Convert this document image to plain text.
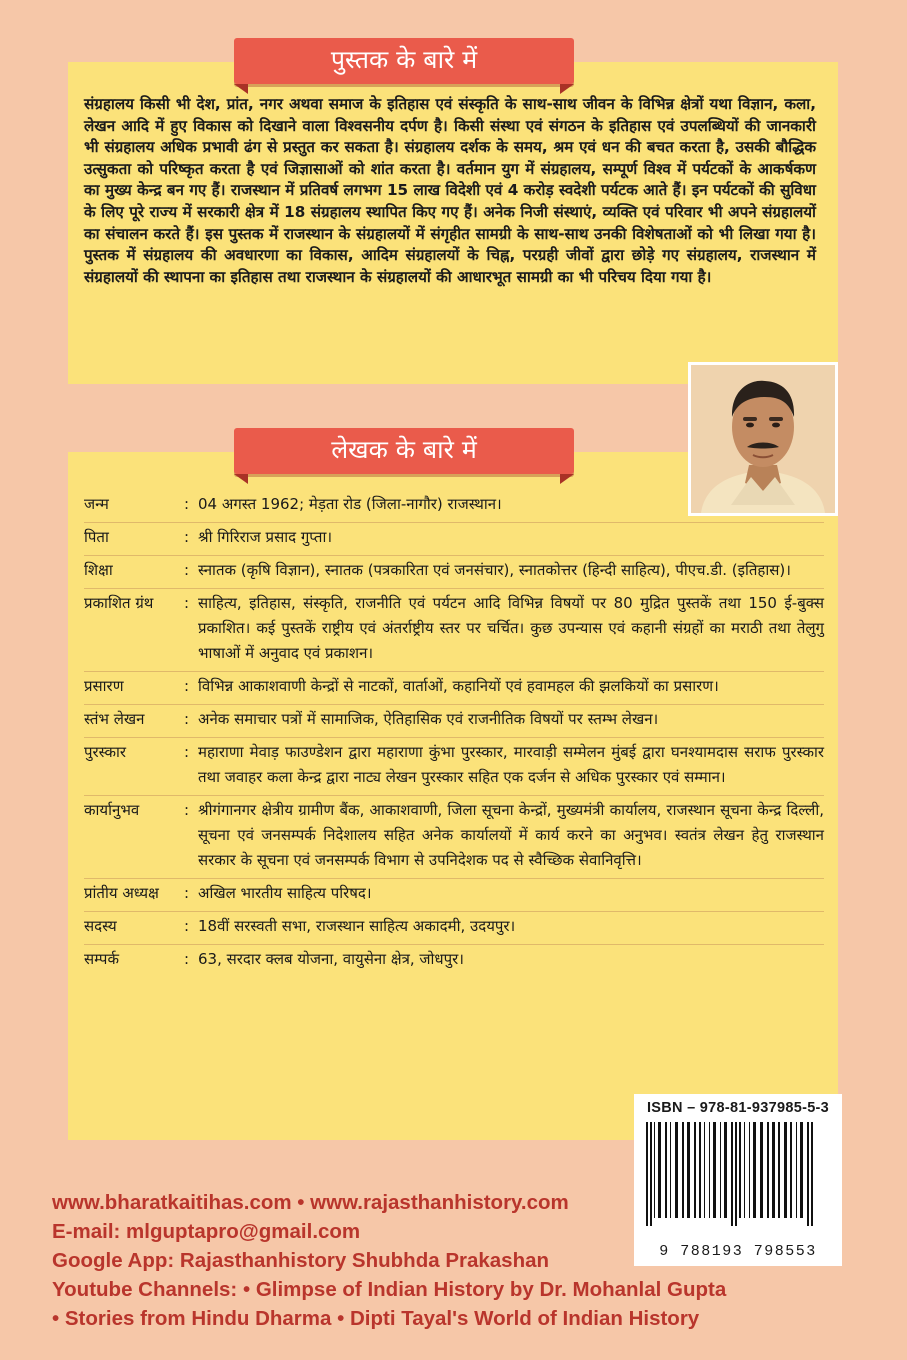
पुस्तक के बारे में
संग्रहालय किसी भी देश, प्रांत, नगर अथवा समाज के इतिहास एवं संस्कृति के साथ-साथ जीवन के विभिन्न क्षेत्रों यथा विज्ञान, कला, लेखन आदि में हुए विकास को दिखाने वाला विश्वसनीय दर्पण है। किसी संस्था एवं संगठन के इतिहास एवं उपलब्धियों की जानकारी भी संग्रहालय अधिक प्रभावी ढंग से प्रस्तुत कर सकता है। संग्रहालय दर्शक के समय, श्रम एवं धन की बचत करता है, उसकी बौद्धिक उत्सुकता को परिष्कृत करता है एवं जिज्ञासाओं को शांत करता है। वर्तमान युग में संग्रहालय, सम्पूर्ण विश्व में पर्यटकों के आकर्षकण का मुख्य केन्द्र बन गए हैं। राजस्थान में प्रतिवर्ष लगभग 15 लाख विदेशी एवं 4 करोड़ स्वदेशी पर्यटक आते हैं। इन पर्यटकों की सुविधा के लिए पूरे राज्य में सरकारी क्षेत्र में 18 संग्रहालय स्थापित किए गए हैं। अनेक निजी संस्थाएं, व्यक्ति एवं परिवार भी अपने संग्रहालयों का संचालन करते हैं। इस पुस्तक में राजस्थान के संग्रहालयों में संगृहीत सामग्री के साथ-साथ उनकी विशेषताओं को भी लिखा गया है। पुस्तक में संग्रहालय की अवधारणा का विकास, आदिम संग्रहालयों के चिह्न, परग्रही जीवों द्वारा छोड़े गए संग्रहालय, राजस्थान में संग्रहालयों की स्थापना का इतिहास तथा राजस्थान के संग्रहालयों की आधारभूत सामग्री का भी परिचय दिया गया है।
लेखक के बारे में
जन्म	: 04 अगस्त 1962; मेड़ता रोड (जिला-नागौर) राजस्थान।
पिता	: श्री गिरिराज प्रसाद गुप्ता।
शिक्षा	: स्नातक (कृषि विज्ञान), स्नातक (पत्रकारिता एवं जनसंचार), स्नातकोत्तर (हिन्दी साहित्य), पीएच.डी. (इतिहास)।
प्रकाशित ग्रंथ	: साहित्य, इतिहास, संस्कृति, राजनीति एवं पर्यटन आदि विभिन्न विषयों पर 80 मुद्रित पुस्तकें तथा 150 ई-बुक्स प्रकाशित। कई पुस्तकें राष्ट्रीय एवं अंतर्राष्ट्रीय स्तर पर चर्चित। कुछ उपन्यास एवं कहानी संग्रहों का मराठी तथा तेलुगु भाषाओं में अनुवाद एवं प्रकाशन।
प्रसारण	: विभिन्न आकाशवाणी केन्द्रों से नाटकों, वार्ताओं, कहानियों एवं हवामहल की झलकियों का प्रसारण।
स्तंभ लेखन	: अनेक समाचार पत्रों में सामाजिक, ऐतिहासिक एवं राजनीतिक विषयों पर स्तम्भ लेखन।
पुरस्कार	: महाराणा मेवाड़ फाउण्डेशन द्वारा महाराणा कुंभा पुरस्कार, मारवाड़ी सम्मेलन मुंबई द्वारा घनश्यामदास सराफ पुरस्कार तथा जवाहर कला केन्द्र द्वारा नाट्य लेखन पुरस्कार सहित एक दर्जन से अधिक पुरस्कार एवं सम्मान।
कार्यानुभव	: श्रीगंगानगर क्षेत्रीय ग्रामीण बैंक, आकाशवाणी, जिला सूचना केन्द्रों, मुख्यमंत्री कार्यालय, राजस्थान सूचना केन्द्र दिल्ली, सूचना एवं जनसम्पर्क निदेशालय सहित अनेक कार्यालयों में कार्य करने का अनुभव। स्वतंत्र लेखन हेतु राजस्थान सरकार के सूचना एवं जनसम्पर्क विभाग से उपनिदेशक पद से स्वैच्छिक सेवानिवृत्ति।
प्रांतीय अध्यक्ष	: अखिल भारतीय साहित्य परिषद।
सदस्य	: 18वीं सरस्वती सभा, राजस्थान साहित्य अकादमी, उदयपुर।
सम्पर्क	: 63, सरदार क्लब योजना, वायुसेना क्षेत्र, जोधपुर।
ISBN – 978-81-937985-5-3
9 788193 798553
www.bharatkaitihas.com • www.rajasthanhistory.com
E-mail: mlguptapro@gmail.com
Google App: Rajasthanhistory Shubhda Prakashan
Youtube Channels: • Glimpse of Indian History by Dr. Mohanlal Gupta
• Stories from Hindu Dharma • Dipti Tayal's World of Indian History
